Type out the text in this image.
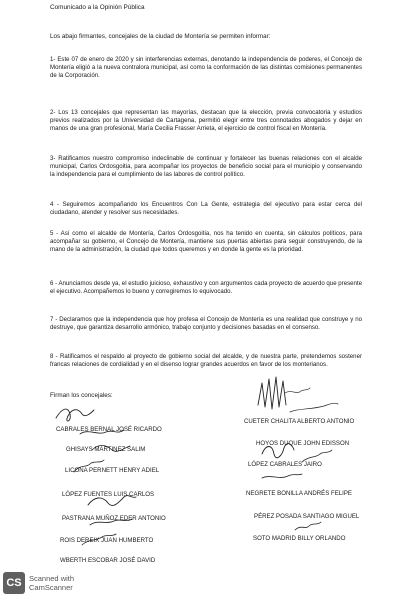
Comunicado a la Opinión Pública
Los abajo firmantes, concejales de la ciudad de Montería se permiten informar:
1- Este 07 de enero de 2020 y sin interferencias externas, denotando la independencia de poderes, el Concejo de Montería eligió a la nueva contralora municipal, así como la conformación de las distintas comisiones permanentes de la Corporación.
2- Los 13 concejales que representan las mayorías, destacan que la elección, previa convocatoria y estudios previos realizados por la Universidad de Cartagena, permitió elegir entre tres connotados abogados y dejar en manos de una gran profesional, María Cecilia Frasser Arrieta, el ejercicio de control fiscal en Montería.
3- Ratificamos nuestro compromiso indeclinable de continuar y fortalecer las buenas relaciones con el alcalde municipal, Carlos Ordosgoitia, para acompañar los proyectos de beneficio social para el municipio y conservando la independencia para el cumplimiento de las labores de control político.
4 - Seguiremos acompañando los Encuentros Con La Gente, estrategia del ejecutivo para estar cerca del ciudadano, atender y resolver sus necesidades.
5 - Así como el alcalde de Montería, Carlos Ordosgoitia, nos ha tenido en cuenta, sin cálculos políticos, para acompañar su gobierno, el Concejo de Montería, mantiene sus puertas abiertas para seguir construyendo, de la mano de la administración, la ciudad que todos queremos y en donde la gente es la prioridad.
6 - Anunciamos desde ya, el estudio juicioso, exhaustivo y con argumentos cada proyecto de acuerdo que presente el ejecutivo. Acompañemos lo bueno y corregiremos lo equivocado.
7 - Declaramos que la independencia que hoy profesa el Concejo de Montería es una realidad que construye y no destruye, que garantiza desarrollo armónico, trabajo conjunto y decisiones basadas en el consenso.
8 - Ratificamos el respaldo al proyecto de gobierno social del alcalde, y de nuestra parte, pretendemos sostener francas relaciones de cordialidad y en el disenso lograr grandes acuerdos en favor de los monterianos.
Firman los concejales:
CABRALES BERNAL JOSÉ RICARDO
CUETER CHALITA ALBERTO ANTONIO
GHISAYS MARTINEZ SALIM
HOYOS DUQUE JOHN EDISSON
LICONA PERNETT HENRY ADIEL
LÓPEZ CABRALES JAIRO
LÓPEZ FUENTES LUIS CARLOS	NEGRETE BONILLA ANDRÉS FELIPE
PASTRANA MUÑOZ EDER ANTONIO	PÉREZ POSADA SANTIAGO MIGUEL
ROIS DEREIX JUAN HUMBERTO	SOTO MADRID BILLY ORLANDO
WBERTH ESCOBAR JOSÉ DAVID
CS Scanned with
CamScanner
